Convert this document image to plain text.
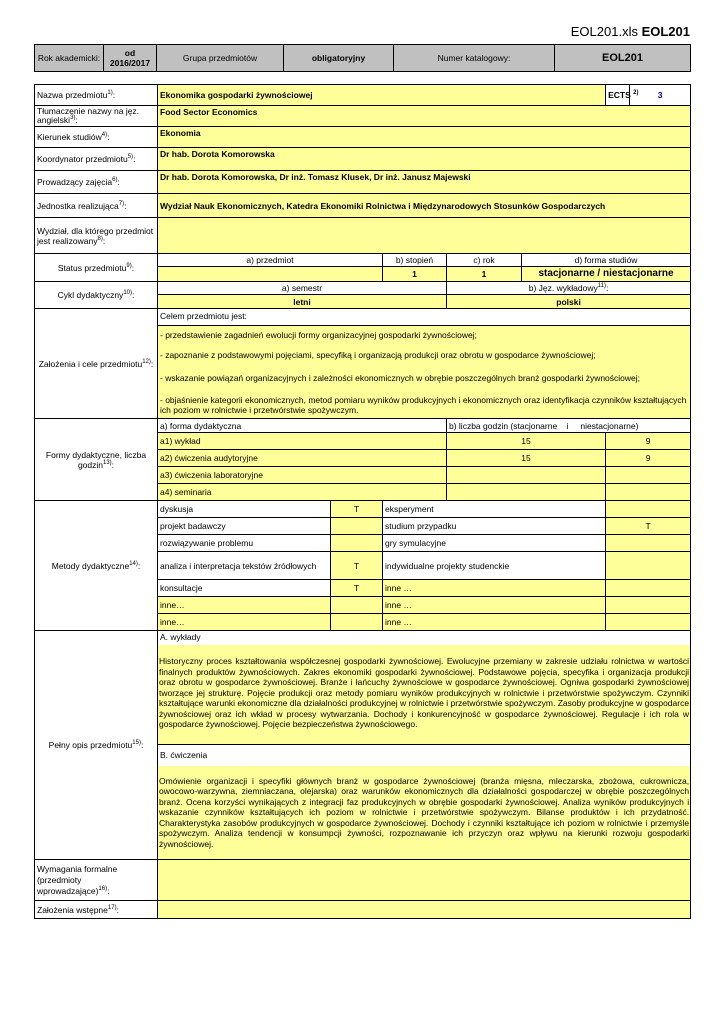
EOL201.xls EOL201
Rok akademicki:	od 2016/2017	Grupa przedmiotów	obligatoryjny	Numer katalogowy:	EOL201
Nazwa przedmiotu$^{1)}$:	Ekonomika gospodarki żywnościowej					ECTS $^{2)}$	3
Tłumaczenie nazwy na jęz. angielski$^{3)}$:	Food Sector Economics						
Kierunek studiów$^{4)}$:	Ekonomia						
Koordynator przedmiotu$^{5)}$:	Dr hab. Dorota Komorowska						
Prowadzący zajęcia$^{6)}$:	Dr hab. Dorota Komorowska, Dr inż. Tomasz Klusek, Dr inż. Janusz Majewski						
Jednostka realizująca$^{7)}$:	Wydział Nauk Ekonomicznych, Katedra Ekonomiki Rolnictwa i Międzynarodowych Stosunków Gospodarczych						
Wydział, dla którego przedmiot jest realizowany$^{8)}$:							
Status przedmiotu$^{9)}$:	a) przedmiot		b) stopień	c) rok	d) forma studiów		
			1	1	stacjonarne / niestacjonarne		
Cykl dydaktyczny$^{10)}$:	a) semestr			b) Jęz. wykładowy$^{11)}$:			
	letni			polski			
Założenia i cele przedmiotu$^{12)}$:	Celem przedmiotu jest:
- przedstawienie zagadnień ewolucji formy organizacyjnej gospodarki żywnościowej;
- zapoznanie z podstawowymi pojęciami, specyfiką i organizacją produkcji oraz obrotu w gospodarce żywnościowej;
- wskazanie powiązań organizacyjnych i zależności ekonomicznych w obrębie poszczególnych branż gospodarki żywnościowej;
- objaśnienie kategorii ekonomicznych, metod pomiaru wyników produkcyjnych i ekonomicznych oraz identyfikacja czynników kształtujących ich poziom w rolnictwie i przetwórstwie spożywczym.						

Formy dydaktyczne, liczba godzin$^{13)}$:	a) forma dydaktyczna			b) liczba godzin (stacjonarne    i     niestacjonarne)			
	a1) wykład			15		9	
	a2) ćwiczenia audytoryjne			15		9	
	a3) ćwiczenia laboratoryjne						
	a4) seminaria						
Metody dydaktyczne$^{14)}$:	dyskusja	T	eksperyment				
	projekt badawczy		studium przypadku			T	
	rozwiązywanie problemu		gry symulacyjne				
	analiza i interpretacja tekstów źródłowych	T	indywidualne projekty studenckie				
	konsultacje	T	inne …				
	inne…		inne …				
	inne…		inne …				
Pełny opis przedmiotu$^{15)}$:	A. wykłady
Historyczny proces kształtowania współczesnej gospodarki żywnościowej. Ewolucyjne przemiany w zakresie udziału rolnictwa w wartości finalnych produktów żywnościowych. Zakres ekonomiki gospodarki żywnościowej. Podstawowe pojęcia, specyfika i organizacja produkcji oraz obrotu w gospodarce żywnościowej. Branże i łańcuchy żywnościowe w gospodarce żywnościowej. Ogniwa gospodarki żywnościowej tworzące jej strukturę. Pojęcie produkcji oraz metody pomiaru wyników produkcyjnych w rolnictwie i przetwórstwie spożywczym. Czynniki kształtujące warunki ekonomiczne dla działalności produkcyjnej w rolnictwie i przetwórstwie spożywczym. Zasoby produkcyjne w gospodarce żywnościowej oraz ich wkład w procesy wytwarzania. Dochody i konkurencyjność w gospodarce żywnościowej. Regulacje i ich rola w gospodarce żywnościowej. Pojęcie bezpieczeństwa żywnościowego.
B. ćwiczenia
Omówienie organizacji i specyfiki głównych branż w gospodarce żywnościowej (branża mięsna, mleczarska, zbożowa, cukrownicza, owocowo-warzywna, ziemniaczana, olejarska) oraz warunków ekonomicznych dla działalności gospodarczej w obrębie poszczególnych branż. Ocena korzyści wynikających z integracji faz produkcyjnych w obrębie gospodarki żywnościowej. Analiza wyników produkcyjnych i wskazanie czynników kształtujących ich poziom w rolnictwie i przetwórstwie spożywczym. Bilanse produktów i ich przydatność. Charakterystyka zasobów produkcyjnych w gospodarce żywnościowej. Dochody i czynniki kształtujące ich poziom w rolnictwie i przemyśle spożywczym. Analiza tendencji w konsumpcji żywności, rozpoznawanie ich przyczyn oraz wpływu na kierunki rozwoju gospodarki żywnościowej.						

Wymagania formalne (przedmioty wprowadzające)$^{16)}$:							
Założenia wstępne$^{17)}$:							
